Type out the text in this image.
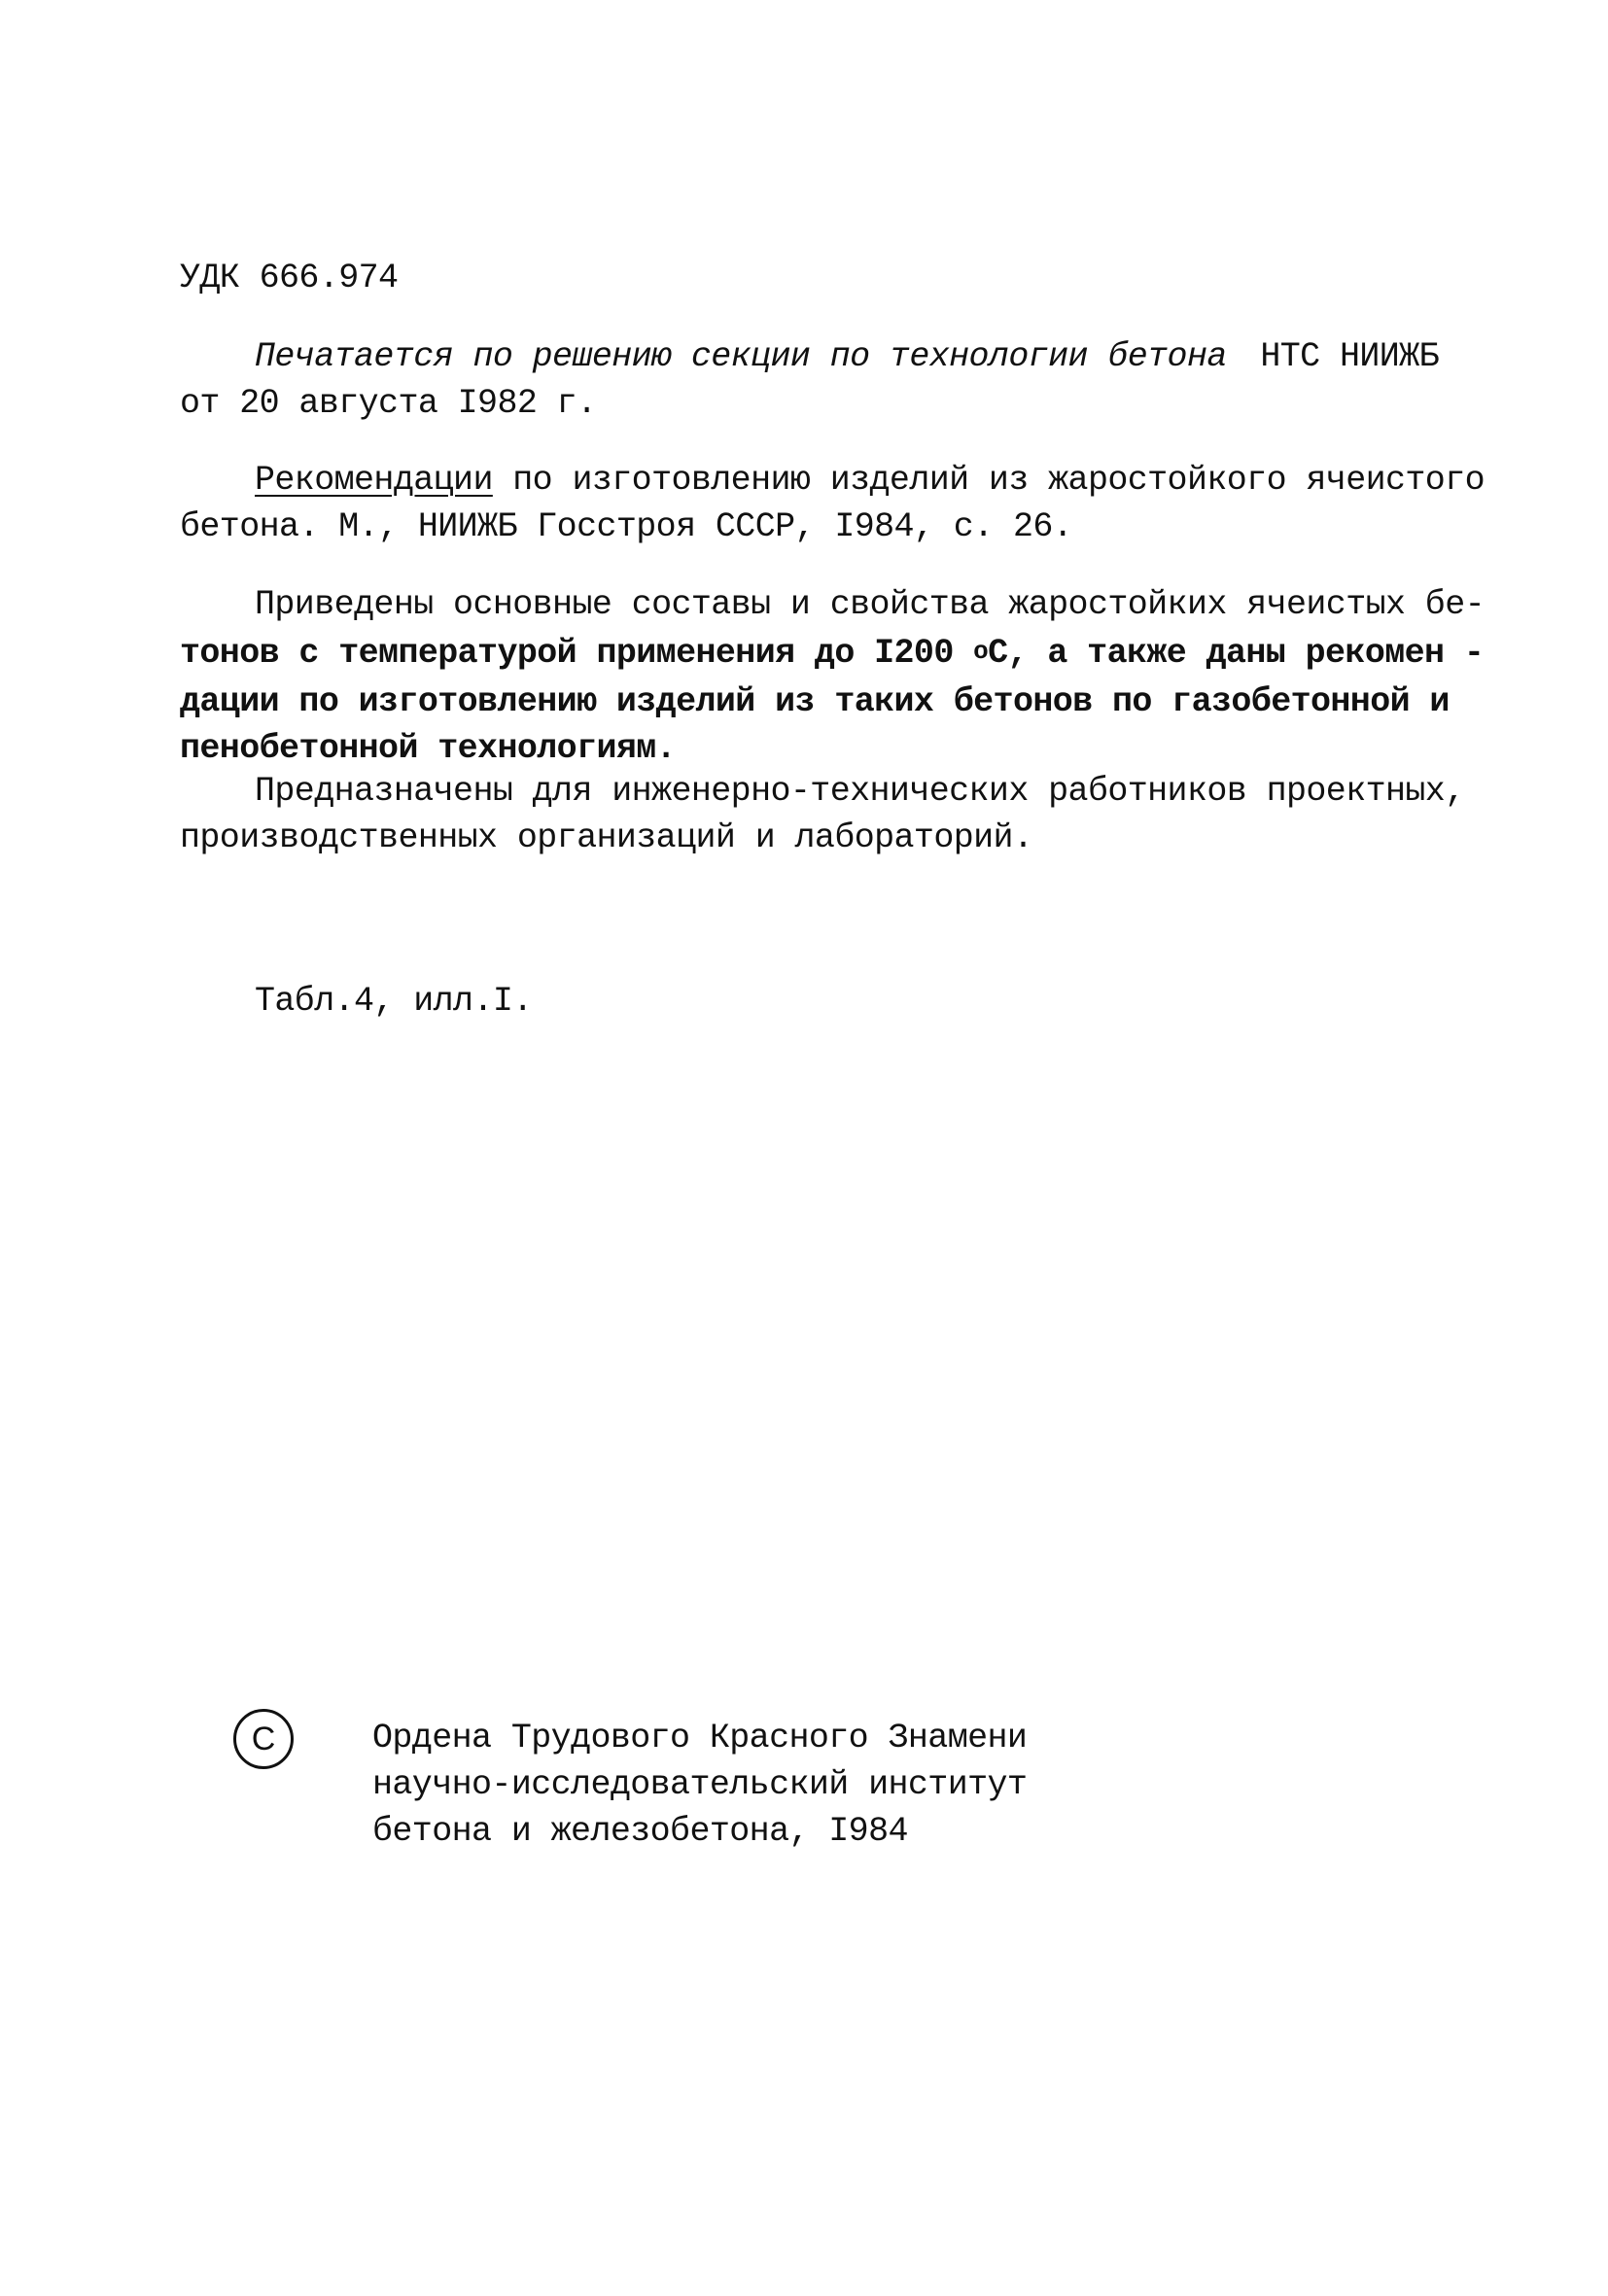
УДК 666.974
Печатается по решению секции по технологии бетона НТС НИИЖБ
от 20 августа I982 г.
Рекомендации по изготовлению изделий из жаростойкого ячеистого
бетона. М., НИИЖБ Госстроя СССР, I984, с. 26.
Приведены основные составы и свойства жаростойких ячеистых бе-
тонов с температурой применения до I200 $^о$С, а также даны рекомен -
дации по изготовлению изделий из таких бетонов по газобетонной и
пенобетонной технологиям.
Предназначены для инженерно-технических работников проектных,
производственных организаций и лабораторий.
Табл.4, илл.I.
С	Ордена Трудового Красного Знамени
научно-исследовательский институт
бетона и железобетона, I984
